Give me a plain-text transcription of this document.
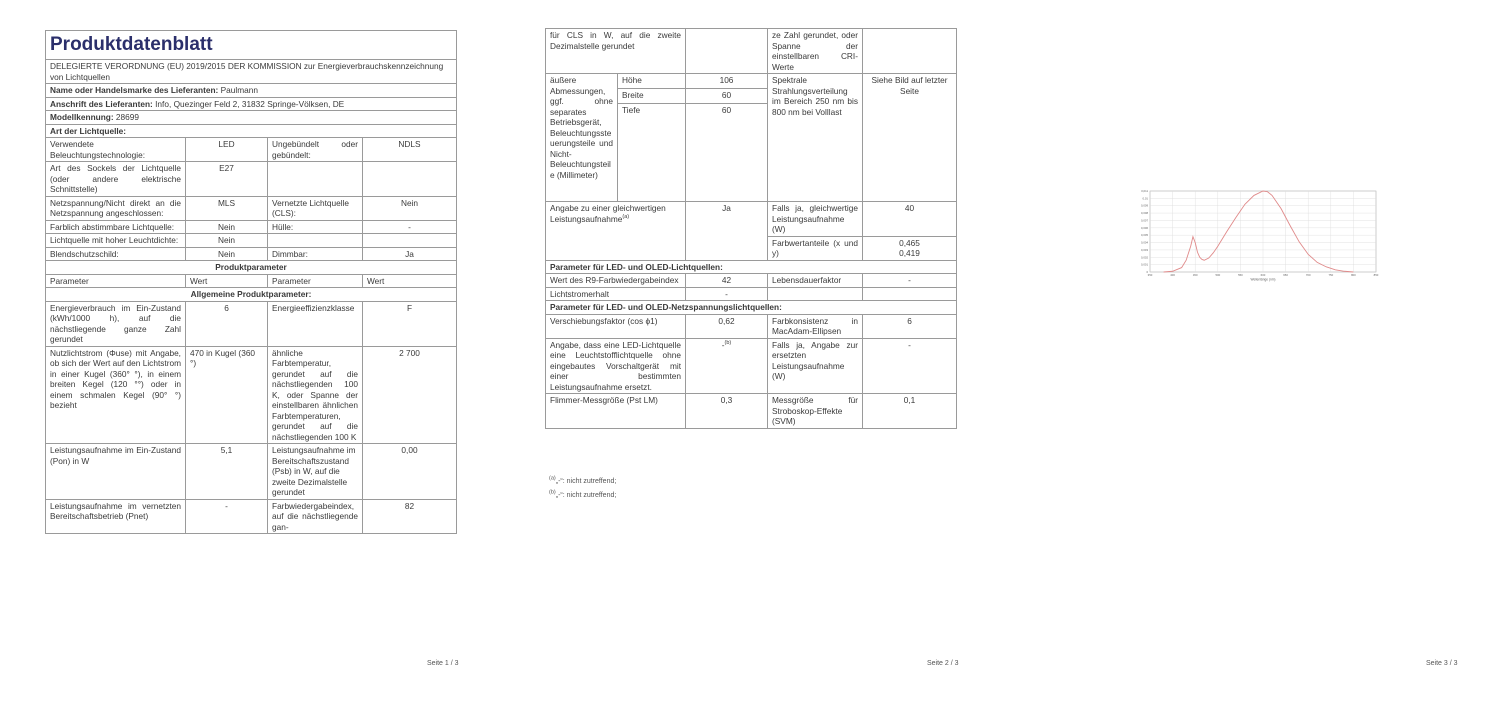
Produktdatenblatt			
DELEGIERTE VERORDNUNG (EU) 2019/2015 DER KOMMISSION zur Energieverbrauchskennzeichnung von Lichtquellen			
Name oder Handelsmarke des Lieferanten: Paulmann			
Anschrift des Lieferanten: Info, Quezinger Feld 2, 31832 Springe-Völksen, DE			
Modellkennung: 28699			
Art der Lichtquelle:			
Verwendete Beleuchtungstechnologie:	LED	Ungebündelt oder gebündelt:	NDLS
Art des Sockels der Lichtquelle (oder andere elektrische Schnittstelle)	E27		
Netzspannung/Nicht direkt an die Netzspannung angeschlossen:	MLS	Vernetzte Lichtquelle (CLS):	Nein
Farblich abstimmbare Lichtquelle:	Nein	Hülle:	-
Lichtquelle mit hoher Leuchtdichte:	Nein		
Blendschutzschild:	Nein	Dimmbar:	Ja
Produktparameter			
Parameter	Wert	Parameter	Wert
Allgemeine Produktparameter:			
Energieverbrauch im Ein-Zustand (kWh/1000 h), auf die nächstliegende ganze Zahl gerundet	6	Energieeffizienzklasse	F
Nutzlichtstrom (Φuse) mit Angabe, ob sich der Wert auf den Lichtstrom in einer Kugel (360° °), in einem breiten Kegel (120 °°) oder in einem schmalen Kegel (90° °) bezieht	470 in Kugel (360 °)	ähnliche Farbtemperatur, gerundet auf die nächstliegenden 100 K, oder Spanne der einstellbaren ähnlichen Farbtemperaturen, gerundet auf die nächstliegenden 100 K	2 700
Leistungsaufnahme im Ein-Zustand (Pon) in W	5,1	Leistungsaufnahme im Bereitschaftszustand (Psb) in W, auf die zweite Dezimalstelle gerundet	0,00
Leistungsaufnahme im vernetzten Bereitschaftsbetrieb (Pnet)	-	Farbwiedergabeindex, auf die nächstliegende gan-	82
Seite 1 / 3
für CLS in W, auf die zweite Dezimalstelle gerundet			ze Zahl gerundet, oder Spanne der einstellbaren CRI-Werte	
äußere Abmessungen, ggf. ohne separates Betriebsgerät, Beleuchtungssteuerungsteile und Nicht-Beleuchtungsteile (Millimeter)	Höhe	106	Spektrale Strahlungsverteilung im Bereich 250 nm bis 800 nm bei Volllast	Siehe Bild auf letzter Seite
	Breite	60		
	Tiefe	60		
Angabe zu einer gleichwertigen Leistungsaufnahme$^{(a)}$		Ja	Falls ja, gleichwertige Leistungsaufnahme (W)	40
			Farbwertanteile (x und y)	0,465
0,419

Parameter für LED- und OLED-Lichtquellen:				
Wert des R9-Farbwiedergabeindex		42	Lebensdauerfaktor	-
Lichtstromerhalt		-		
Parameter für LED- und OLED-Netzspannungslichtquellen:				
Verschiebungsfaktor (cos ϕ1)		0,62	Farbkonsistenz in MacAdam-Ellipsen	6
Angabe, dass eine LED-Lichtquelle eine Leuchtstofflichtquelle ohne eingebautes Vorschaltgerät mit einer bestimmten Leistungsaufnahme ersetzt.		-$^{(b)}$	Falls ja, Angabe zur ersetzten Leistungsaufnahme (W)	-
Flimmer-Messgröße (Pst LM)		0,3	Messgröße für Stroboskop-Effekte (SVM)	0,1
$^{(a)}$„-“: nicht zutreffend;
$^{(b)}$„-“: nicht zutreffend;
Seite 2 / 3	Seite 3 / 3
350	400	450	500	550	600	650	700	750	800	850
0
0,001
0,002
0,003
0,004
0,005
0,006
0,007
0,008
0,009
0,01
0,011
Wellenlänge (nm)
